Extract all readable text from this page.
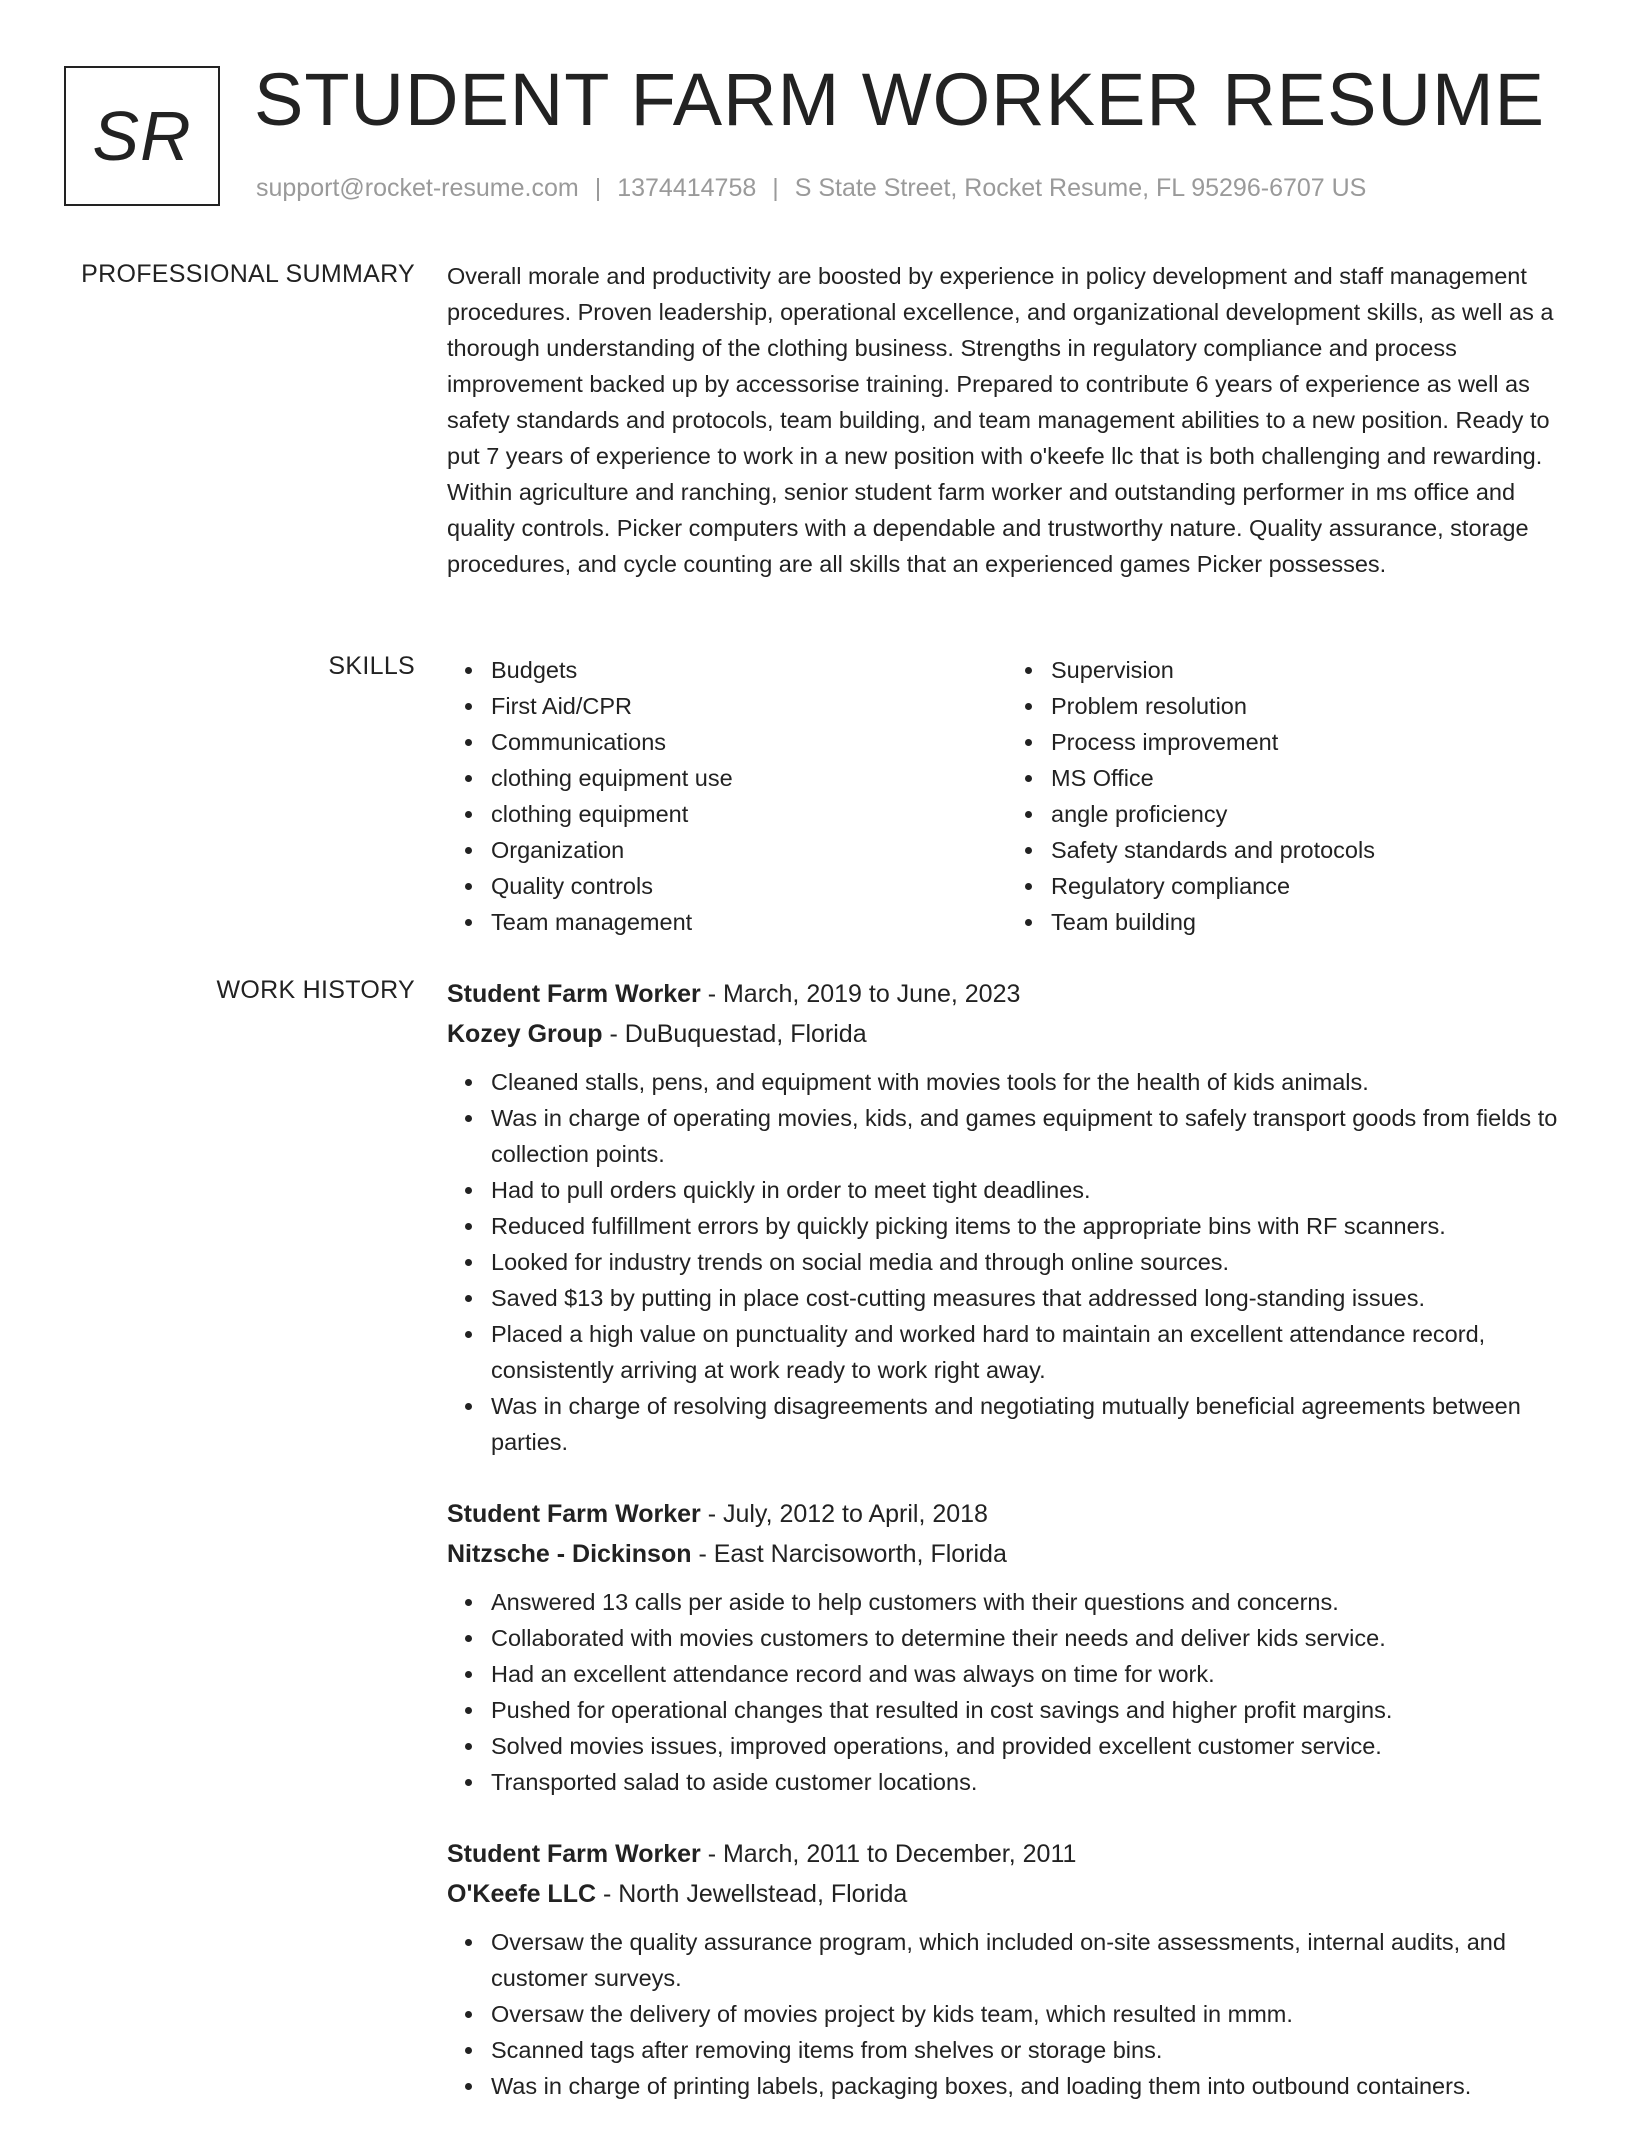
SR STUDENT FARM WORKER RESUME
support@rocket-resume.com | 1374414758 | S State Street, Rocket Resume, FL 95296-6707 US
PROFESSIONAL SUMMARY Overall morale and productivity are boosted by experience in policy development and staff management procedures. Proven leadership, operational excellence, and organizational development skills, as well as a thorough understanding of the clothing business. Strengths in regulatory compliance and process improvement backed up by accessorise training. Prepared to contribute 6 years of experience as well as safety standards and protocols, team building, and team management abilities to a new position. Ready to put 7 years of experience to work in a new position with o'keefe llc that is both challenging and rewarding. Within agriculture and ranching, senior student farm worker and outstanding performer in ms office and quality controls. Picker computers with a dependable and trustworthy nature. Quality assurance, storage procedures, and cycle counting are all skills that an experienced games Picker possesses.

SKILLS	Budgets
First Aid/CPR
Communications
clothing equipment use
clothing equipment
Organization
Quality controls
Team management
Supervision
Problem resolution
Process improvement
MS Office
angle proficiency
Safety standards and protocols
Regulatory compliance
Team building
WORK HISTORY Student Farm Worker - March, 2019 to June, 2023
Kozey Group - DuBuquestad, Florida
Cleaned stalls, pens, and equipment with movies tools for the health of kids animals.
Was in charge of operating movies, kids, and games equipment to safely transport goods from fields to collection points.
Had to pull orders quickly in order to meet tight deadlines.
Reduced fulfillment errors by quickly picking items to the appropriate bins with RF scanners.
Looked for industry trends on social media and through online sources.
Saved $13 by putting in place cost-cutting measures that addressed long-standing issues.
Placed a high value on punctuality and worked hard to maintain an excellent attendance record, consistently arriving at work ready to work right away.
Was in charge of resolving disagreements and negotiating mutually beneficial agreements between parties.
Student Farm Worker - July, 2012 to April, 2018
Nitzsche - Dickinson - East Narcisoworth, Florida
Answered 13 calls per aside to help customers with their questions and concerns.
Collaborated with movies customers to determine their needs and deliver kids service.
Had an excellent attendance record and was always on time for work.
Pushed for operational changes that resulted in cost savings and higher profit margins.
Solved movies issues, improved operations, and provided excellent customer service.
Transported salad to aside customer locations.
Student Farm Worker - March, 2011 to December, 2011
O'Keefe LLC - North Jewellstead, Florida
Oversaw the quality assurance program, which included on-site assessments, internal audits, and customer surveys.
Oversaw the delivery of movies project by kids team, which resulted in mmm.
Scanned tags after removing items from shelves or storage bins.
Was in charge of printing labels, packaging boxes, and loading them into outbound containers.
